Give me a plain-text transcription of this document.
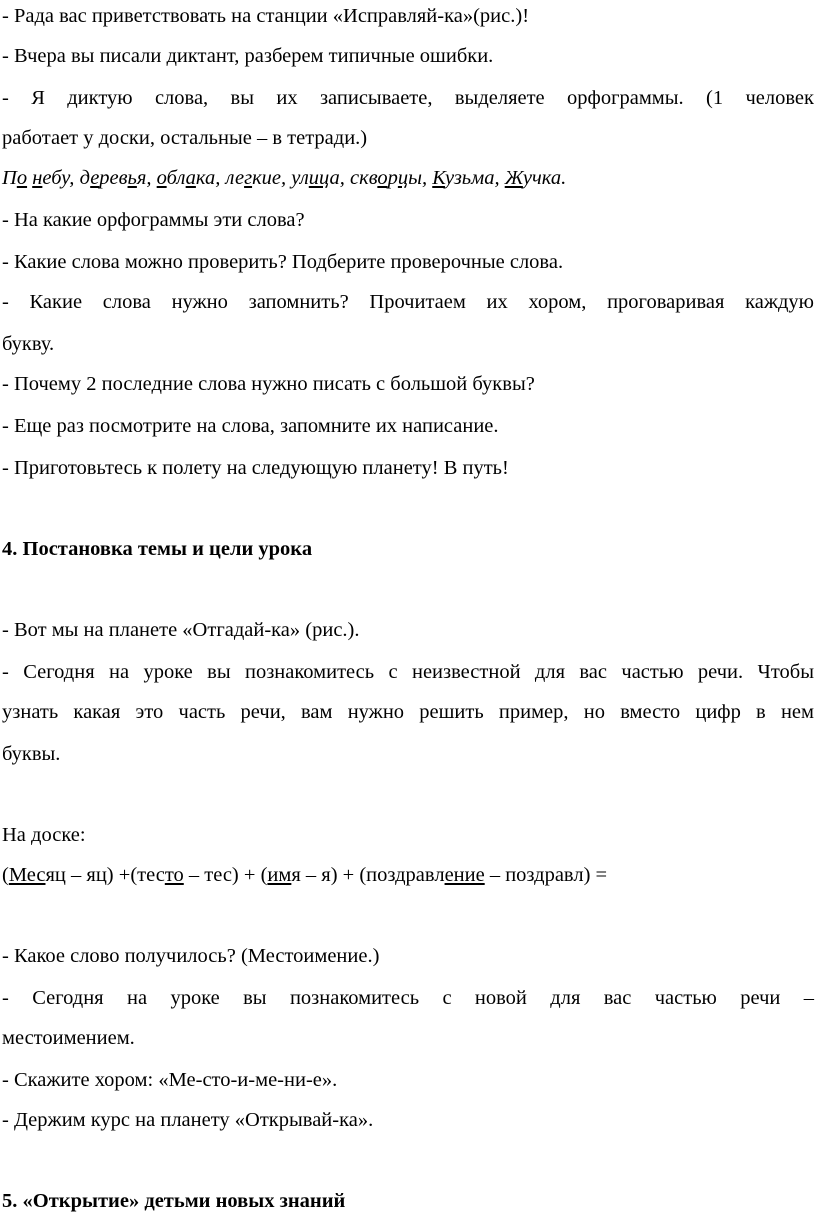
- Рада вас приветствовать на станции «Исправляй-ка»(рис.)!
- Вчера вы писали диктант, разберем типичные ошибки.
- Я диктую слова, вы их записываете, выделяете орфограммы. (1 человек
работает у доски, остальные – в тетради.)
По небу, деревья, облака, легкие, улица, скворцы, Кузьма, Жучка.
- На какие орфограммы эти слова?
- Какие слова можно проверить? Подберите проверочные слова.
- Какие слова нужно запомнить? Прочитаем их хором, проговаривая каждую
букву.
- Почему 2 последние слова нужно писать с большой буквы?
- Еще раз посмотрите на слова, запомните их написание.
- Приготовьтесь к полету на следующую планету! В путь!
4. Постановка темы и цели урока
- Вот мы на планете «Отгадай-ка» (рис.).
- Сегодня на уроке вы познакомитесь с неизвестной для вас частью речи. Чтобы
узнать какая это часть речи, вам нужно решить пример, но вместо цифр в нем
буквы.
На доске:
(Месяц – яц) +(тесто – тес) + (имя – я) + (поздравление – поздравл) =
- Какое слово получилось? (Местоимение.)
- Сегодня на уроке вы познакомитесь с новой для вас частью речи –
местоимением.
- Скажите хором: «Ме-сто-и-ме-ни-е».
- Держим курс на планету «Открывай-ка».
5. «Открытие» детьми новых знаний
